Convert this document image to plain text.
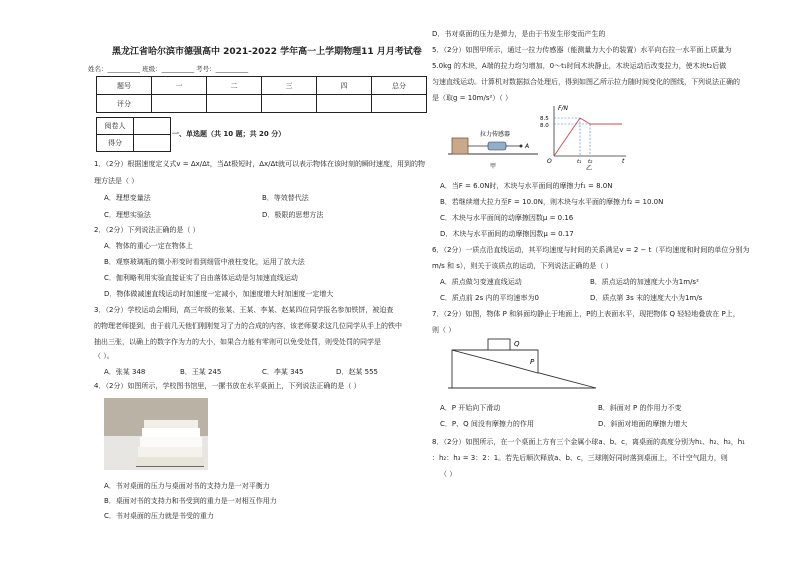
黑龙江省哈尔滨市德强高中 2021-2022 学年高一上学期物理11 月月考试卷
姓名：__________ 班级：__________ 考号：__________
题号	一	二	三	四	总分
评分					
阅卷人	
得分	
一、单选题（共 10 题；共 20 分）
1．（2分）根据速度定义式v = Δx/Δt，当Δt极短时，Δx/Δt就可以表示物体在该时刻的瞬时速度，用到的物
理方法是（ ）
A．理想变量法	B．等效替代法
C．理想实验法	D．极限的思想方法
2．（2分）下列说法正确的是（ ）
A．物体的重心一定在物体上
B．观察玻璃瓶的微小形变时看到细管中液柱变化，运用了放大法
C．伽利略利用实验直接证实了自由落体运动是匀加速直线运动
D．物体做减速直线运动时加速度一定减小，加速度增大时加速度一定增大
3．（2分）学校运动会期间，高三年级的张某、王某、李某、赵某四位同学报名参加铁饼，被迫查
的物理老师提到，由于前几天他们刚刚复习了力的合成的内容，该老师要求这几位同学从手上的铁中
抽出三张，以确上的数字作为力的大小，如果合力能有零则可以免受处罚，则受处罚的同学是
（ ）。
A．张某 348	B．王某 245	C．李某 345	D．赵某 555
4．（2分）如图所示，学校图书馆里，一摞书放在水平桌面上，下列说法正确的是（ ）
A．书对桌面的压力与桌面对书的支持力是一对平衡力
B．桌面对书的支持力和书受到的重力是一对相互作用力
C．书对桌面的压力就是书受的重力
D．书对桌面的压力是弹力，是由于书发生形变而产生的
5．（2分）如图甲所示，通过一拉力传感器（能测量力大小的装置）水平向右拉一水平面上质量为
5.0kg 的木块，A端的拉力均匀增加，0～t₁时间木块静止，木块运动后改变拉力，使木块t₂后做
匀速直线运动。计算机对数据拟合处理后，得到如图乙所示拉力随时间变化的图线，下列说法正确的
是（取g = 10m/s²）（ ）
拉力传感器
A
甲
F/N
8.5
8.0
O	t₁ t₂	t
乙
A．当F = 6.0N时，木块与水平面间的摩擦力f₁ = 8.0N
B．若继续增大拉力至F = 10.0N，则木块与水平面的摩擦力f₂ = 10.0N
C．木块与水平面间的动摩擦因数μ = 0.16
D．木块与水平面间的动摩擦因数μ = 0.17
6．（2分）一质点沿直线运动，其平均速度与时间的关系满足v = 2 − t（平均速度和时间的单位分别为
m/s 和 s），则关于该质点的运动，下列说法正确的是（ ）
A．质点做匀变速直线运动	B．质点运动的加速度大小为1m/s²
C．质点前 2s 内的平均速率为0	D．质点第 3s 末的速度大小为1m/s
7．（2分）如图，物体 P 和斜面均静止于地面上，P的上表面水平，现把物体 Q 轻轻地叠放在 P上，
则（ ）
Q
P
A．P 开始向下滑动	B．斜面对 P 的作用力不变
C．P、Q 间没有摩擦力的作用	D．斜面对地面的摩擦力增大
8．（2分）如图所示，在一个桌面上方有三个金属小球a、b、c，离桌面的高度分别为h₁、h₂、h₃，h₁
：h₂：h₃ = 3：2：1。若先后顺次释放a、b、c，三球刚好同时落到桌面上，不计空气阻力，则
（ ）
